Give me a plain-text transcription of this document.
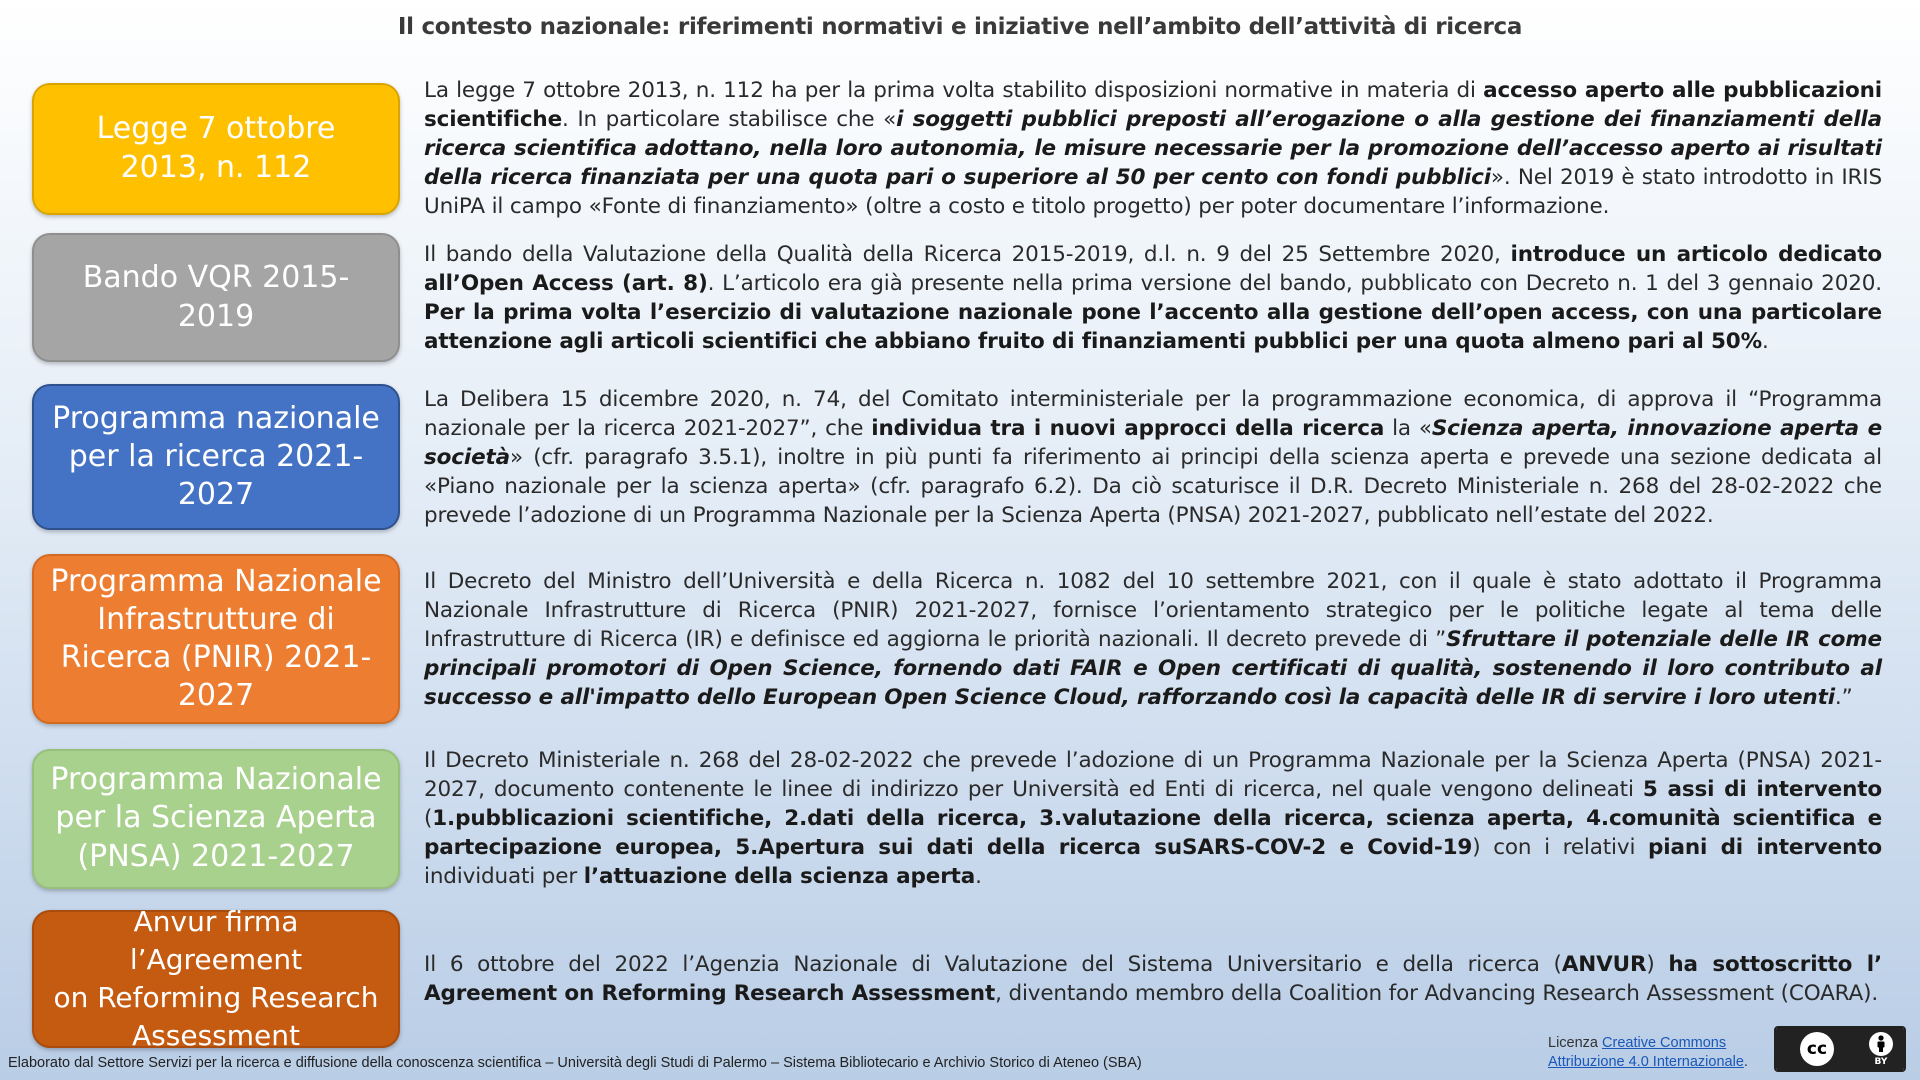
Il contesto nazionale: riferimenti normativi e iniziative nell’ambito dell’attività di ricerca
Legge 7 ottobre
2013, n. 112
La legge 7 ottobre 2013, n. 112 ha per la prima volta stabilito disposizioni normative in materia di accesso aperto alle pubblicazioni scientifiche. In particolare stabilisce che «i soggetti pubblici preposti all’erogazione o alla gestione dei finanziamenti della ricerca scientifica adottano, nella loro autonomia, le misure necessarie per la promozione dell’accesso aperto ai risultati della ricerca finanziata per una quota pari o superiore al 50 per cento con fondi pubblici». Nel 2019 è stato introdotto in IRIS UniPA il campo «Fonte di finanziamento» (oltre a costo e titolo progetto) per poter documentare l’informazione.
Bando VQR 2015-
2019
Il bando della Valutazione della Qualità della Ricerca 2015-2019, d.l. n. 9 del 25 Settembre 2020, introduce un articolo dedicato all’Open Access (art. 8). L’articolo era già presente nella prima versione del bando, pubblicato con Decreto n. 1 del 3 gennaio 2020. Per la prima volta l’esercizio di valutazione nazionale pone l’accento alla gestione dell’open access, con una particolare attenzione agli articoli scientifici che abbiano fruito di finanziamenti pubblici per una quota almeno pari al 50%.
Programma nazionale
per la ricerca 2021-
2027
La Delibera 15 dicembre 2020, n. 74, del Comitato interministeriale per la programmazione economica, di approva il “Programma nazionale per la ricerca 2021-2027”, che individua tra i nuovi approcci della ricerca la «Scienza aperta, innovazione aperta e società» (cfr. paragrafo 3.5.1), inoltre in più punti fa riferimento ai principi della scienza aperta e prevede una sezione dedicata al «Piano nazionale per la scienza aperta» (cfr. paragrafo 6.2). Da ciò scaturisce il D.R. Decreto Ministeriale n. 268 del 28-02-2022 che prevede l’adozione di un Programma Nazionale per la Scienza Aperta (PNSA) 2021-2027, pubblicato nell’estate del 2022.
Programma Nazionale
Infrastrutture di
Ricerca (PNIR) 2021-
2027
Il Decreto del Ministro dell’Università e della Ricerca n. 1082 del 10 settembre 2021, con il quale è stato adottato il Programma Nazionale Infrastrutture di Ricerca (PNIR) 2021-2027, fornisce l’orientamento strategico per le politiche legate al tema delle Infrastrutture di Ricerca (IR) e definisce ed aggiorna le priorità nazionali. Il decreto prevede di ”Sfruttare il potenziale delle IR come principali promotori di Open Science, fornendo dati FAIR e Open certificati di qualità, sostenendo il loro contributo al successo e all'impatto dello European Open Science Cloud, rafforzando così la capacità delle IR di servire i loro utenti.”
Programma Nazionale
per la Scienza Aperta
(PNSA) 2021-2027
Il Decreto Ministeriale n. 268 del 28-02-2022 che prevede l’adozione di un Programma Nazionale per la Scienza Aperta (PNSA) 2021-2027, documento contenente le linee di indirizzo per Università ed Enti di ricerca, nel quale vengono delineati 5 assi di intervento (1.pubblicazioni scientifiche, 2.dati della ricerca, 3.valutazione della ricerca, scienza aperta, 4.comunità scientifica e partecipazione europea, 5.Apertura sui dati della ricerca suSARS-COV-2 e Covid-19) con i relativi piani di intervento individuati per l’attuazione della scienza aperta.
Anvur firma l’Agreement
on Reforming Research
Assessment
Il 6 ottobre del 2022 l’Agenzia Nazionale di Valutazione del Sistema Universitario e della ricerca (ANVUR) ha sottoscritto l’ Agreement on Reforming Research Assessment, diventando membro della Coalition for Advancing Research Assessment (COARA).
Elaborato dal Settore Servizi per la ricerca e diffusione della conoscenza scientifica – Università degli Studi di Palermo – Sistema Bibliotecario e Archivio Storico di Ateneo (SBA)
Licenza Creative Commons
Attribuzione 4.0 Internazionale.
cc
BY
